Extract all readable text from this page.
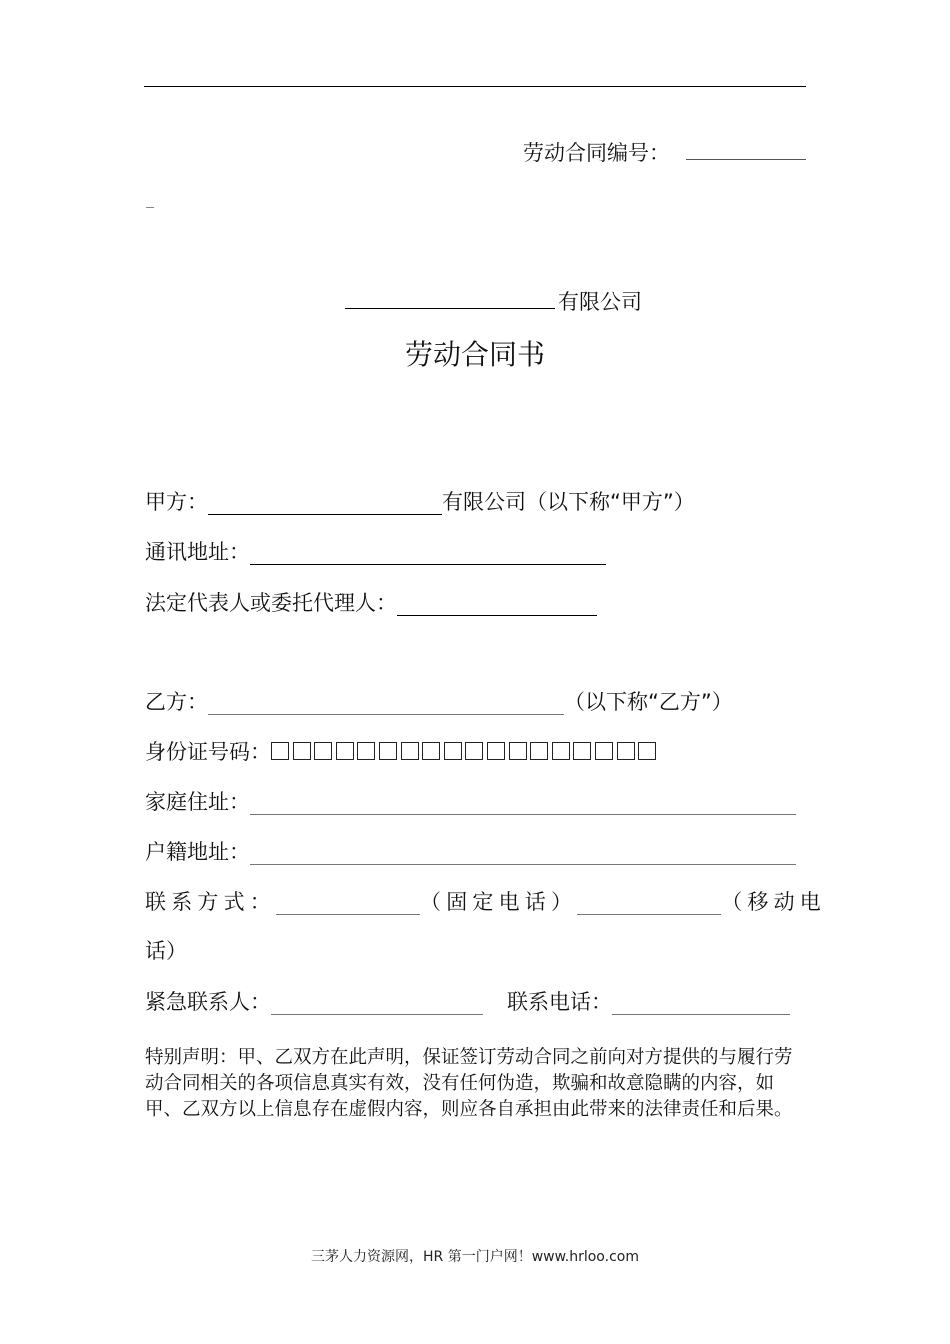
劳动合同编号：
有限公司
劳动合同书
甲方：	有限公司（以下称“甲方”）
通讯地址：
法定代表人或委托代理人：
乙方：	（以下称“乙方”）
身份证号码：
家庭住址：
户籍地址：
联系方式：	（固定电话）	（移动电
话）
紧急联系人：	联系电话：
特别声明：甲、乙双方在此声明，保证签订劳动合同之前向对方提供的与履行劳动合同相关的各项信息真实有效，没有任何伪造，欺骗和故意隐瞒的内容，如甲、乙双方以上信息存在虚假内容，则应各自承担由此带来的法律责任和后果。
三茅人力资源网，HR 第一门户网！www.hrloo.com
